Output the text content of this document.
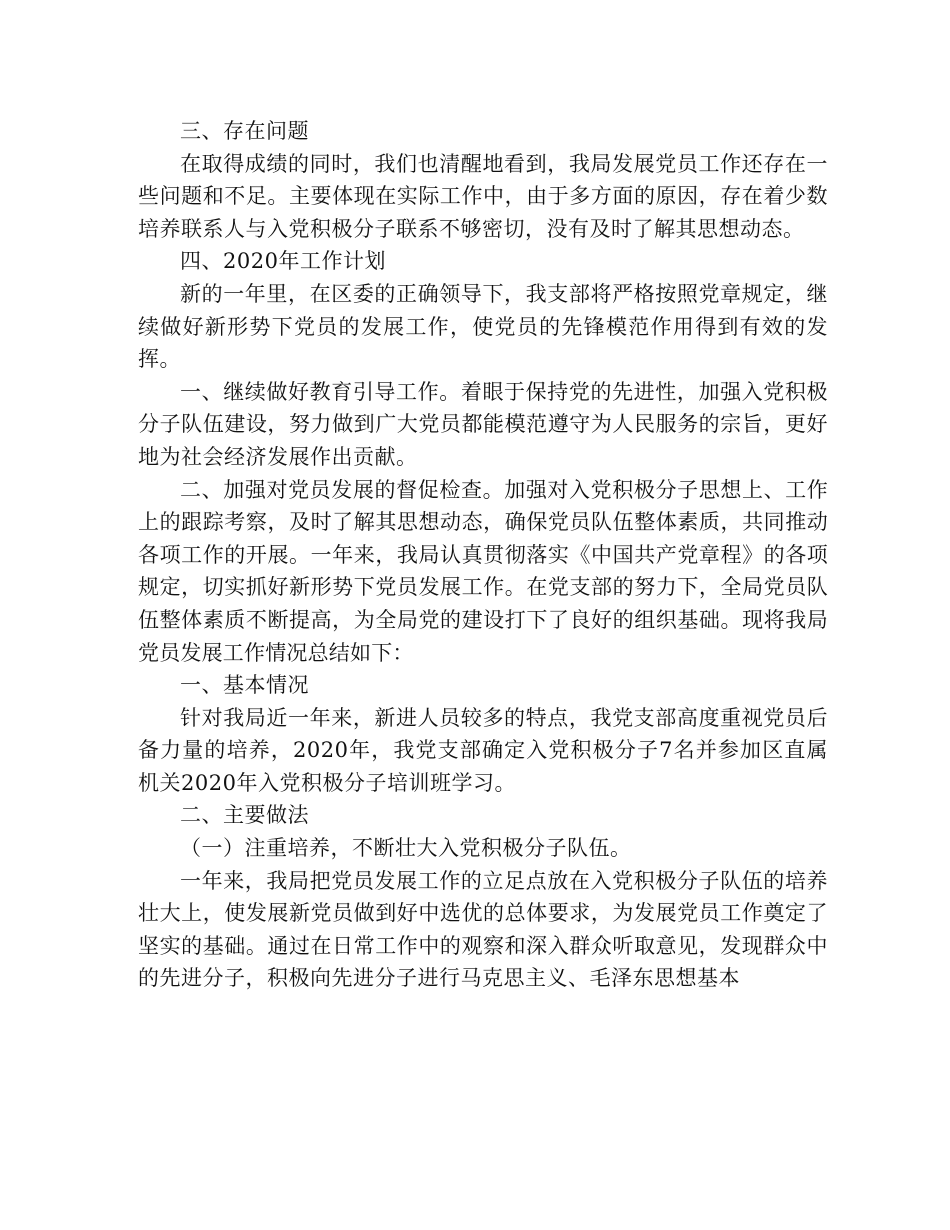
三、存在问题

在取得成绩的同时，我们也清醒地看到，我局发展党员工作还存在一些问题和不足。主要体现在实际工作中，由于多方面的原因，存在着少数培养联系人与入党积极分子联系不够密切，没有及时了解其思想动态。

四、2020年工作计划

新的一年里，在区委的正确领导下，我支部将严格按照党章规定，继续做好新形势下党员的发展工作，使党员的先锋模范作用得到有效的发挥。

一、继续做好教育引导工作。着眼于保持党的先进性，加强入党积极分子队伍建设，努力做到广大党员都能模范遵守为人民服务的宗旨，更好地为社会经济发展作出贡献。

二、加强对党员发展的督促检查。加强对入党积极分子思想上、工作上的跟踪考察，及时了解其思想动态，确保党员队伍整体素质，共同推动各项工作的开展。一年来，我局认真贯彻落实《中国共产党章程》的各项规定，切实抓好新形势下党员发展工作。在党支部的努力下，全局党员队伍整体素质不断提高，为全局党的建设打下了良好的组织基础。现将我局党员发展工作情况总结如下：

一、基本情况

针对我局近一年来，新进人员较多的特点，我党支部高度重视党员后备力量的培养，2020年，我党支部确定入党积极分子7名并参加区直属机关2020年入党积极分子培训班学习。

二、主要做法

（一）注重培养，不断壮大入党积极分子队伍。

一年来，我局把党员发展工作的立足点放在入党积极分子队伍的培养壮大上，使发展新党员做到好中选优的总体要求，为发展党员工作奠定了坚实的基础。通过在日常工作中的观察和深入群众听取意见，发现群众中的先进分子，积极向先进分子进行马克思主义、毛泽东思想基本
